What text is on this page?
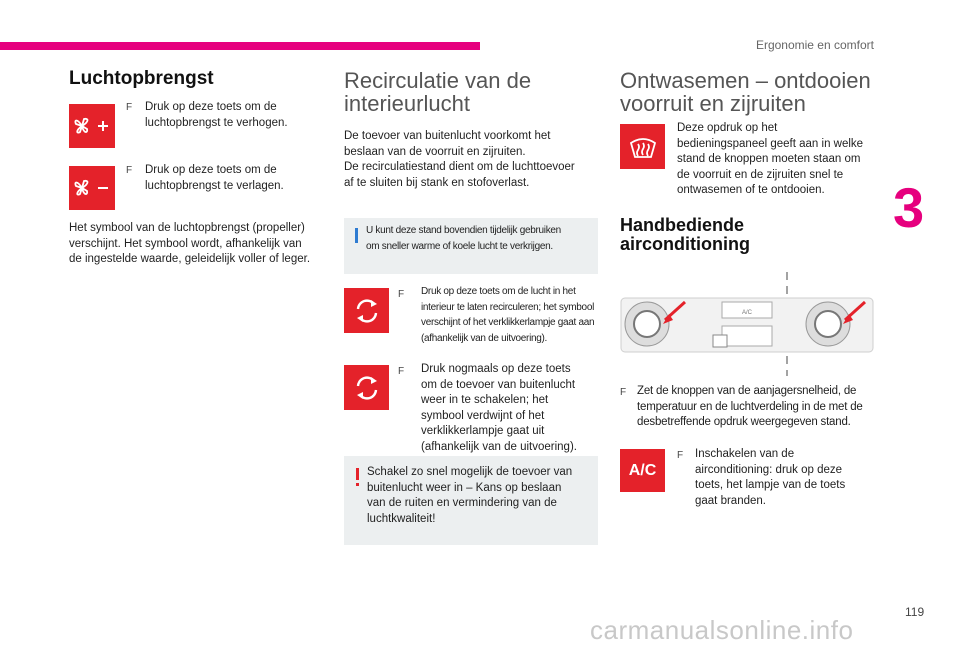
Ergonomie en comfort
3
Luchtopbrengst
F Druk op deze toets om de
luchtopbrengst te verhogen.
F Druk op deze toets om de
luchtopbrengst te verlagen.
Het symbool van de luchtopbrengst (propeller)
verschijnt. Het symbool wordt, afhankelijk van
de ingestelde waarde, geleidelijk voller of leger.
Recirculatie van de
interieurlucht
De toevoer van buitenlucht voorkomt het
beslaan van de voorruit en zijruiten.
De recirculatiestand dient om de luchttoevoer
af te sluiten bij stank en stofoverlast.
U kunt deze stand bovendien tijdelijk gebruiken
om sneller warme of koele lucht te verkrijgen.
F Druk op deze toets om de lucht in het
interieur te laten recirculeren; het symbool
verschijnt of het verklikkerlampje gaat aan
(afhankelijk van de uitvoering).
F Druk nogmaals op deze toets
om de toevoer van buitenlucht
weer in te schakelen; het
symbool verdwijnt of het
verklikkerlampje gaat uit
(afhankelijk van de uitvoering).
Schakel zo snel mogelijk de toevoer van
buitenlucht weer in – Kans op beslaan
van de ruiten en vermindering van de
luchtkwaliteit!
Ontwasemen – ontdooien
voorruit en zijruiten
Deze opdruk op het
bedieningspaneel geeft aan in welke
stand de knoppen moeten staan om
de voorruit en de zijruiten snel te
ontwasemen of te ontdooien.
Handbediende
airconditioning
A/C
F Zet de knoppen van de aanjagersnelheid, de
temperatuur en de luchtverdeling in de met de
desbetreffende opdruk weergegeven stand.
A/C
F Inschakelen van de
airconditioning: druk op deze
toets, het lampje van de toets
gaat branden.
119
carmanualsonline.info
